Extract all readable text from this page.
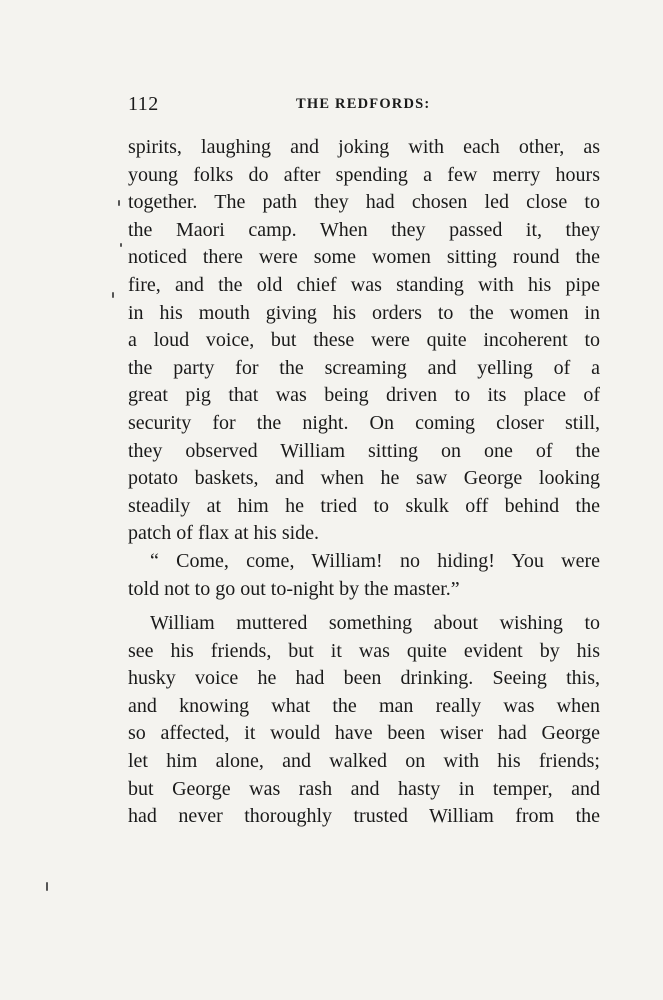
112	THE REDFORDS:
spirits, laughing and joking with each other, as
young folks do after spending a few merry hours
together. The path they had chosen led close to
the Maori camp. When they passed it, they
noticed there were some women sitting round the
fire, and the old chief was standing with his pipe
in his mouth giving his orders to the women in
a loud voice, but these were quite incoherent to
the party for the screaming and yelling of a
great pig that was being driven to its place of
security for the night. On coming closer still,
they observed William sitting on one of the
potato baskets, and when he saw George looking
steadily at him he tried to skulk off behind the
patch of flax at his side.
“ Come, come, William! no hiding! You were
told not to go out to-night by the master.”
William muttered something about wishing to
see his friends, but it was quite evident by his
husky voice he had been drinking. Seeing this,
and knowing what the man really was when
so affected, it would have been wiser had George
let him alone, and walked on with his friends;
but George was rash and hasty in temper, and
had never thoroughly trusted William from the
